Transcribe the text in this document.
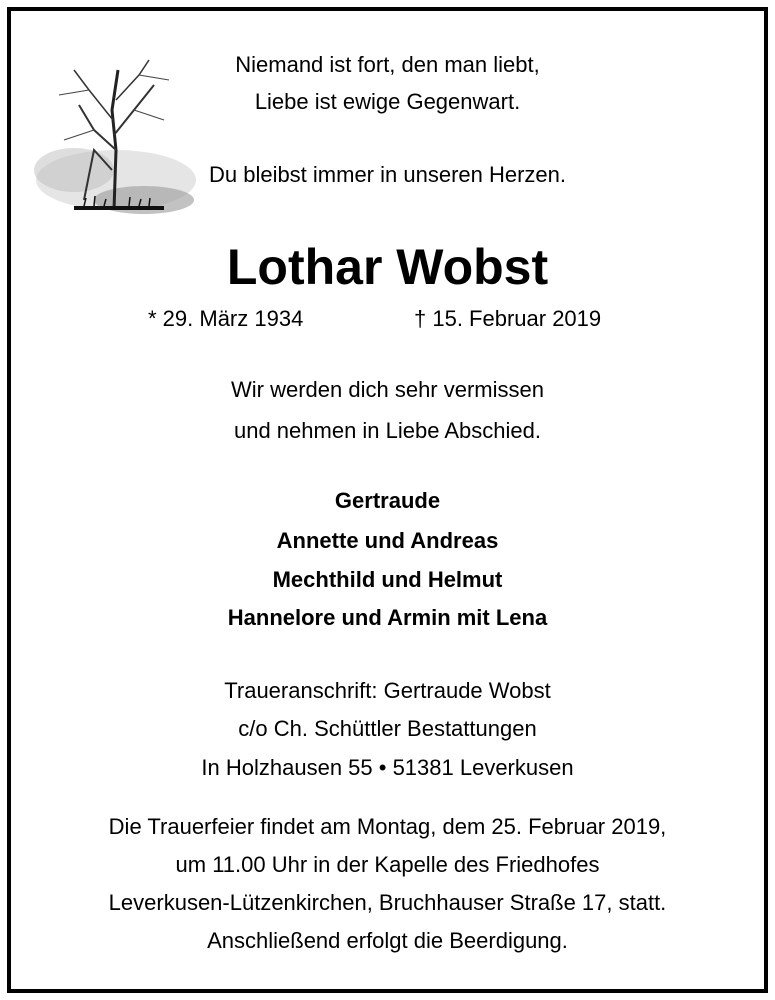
Niemand ist fort, den man liebt,
Liebe ist ewige Gegenwart.
Du bleibst immer in unseren Herzen.
Lothar Wobst
* 29. März 1934	† 15. Februar 2019
Wir werden dich sehr vermissen
und nehmen in Liebe Abschied.
Gertraude
Annette und Andreas
Mechthild und Helmut
Hannelore und Armin mit Lena
Traueranschrift: Gertraude Wobst
c/o Ch. Schüttler Bestattungen
In Holzhausen 55 • 51381 Leverkusen
Die Trauerfeier findet am Montag, dem 25. Februar 2019,
um 11.00 Uhr in der Kapelle des Friedhofes
Leverkusen-Lützenkirchen, Bruchhauser Straße 17, statt.
Anschließend erfolgt die Beerdigung.
